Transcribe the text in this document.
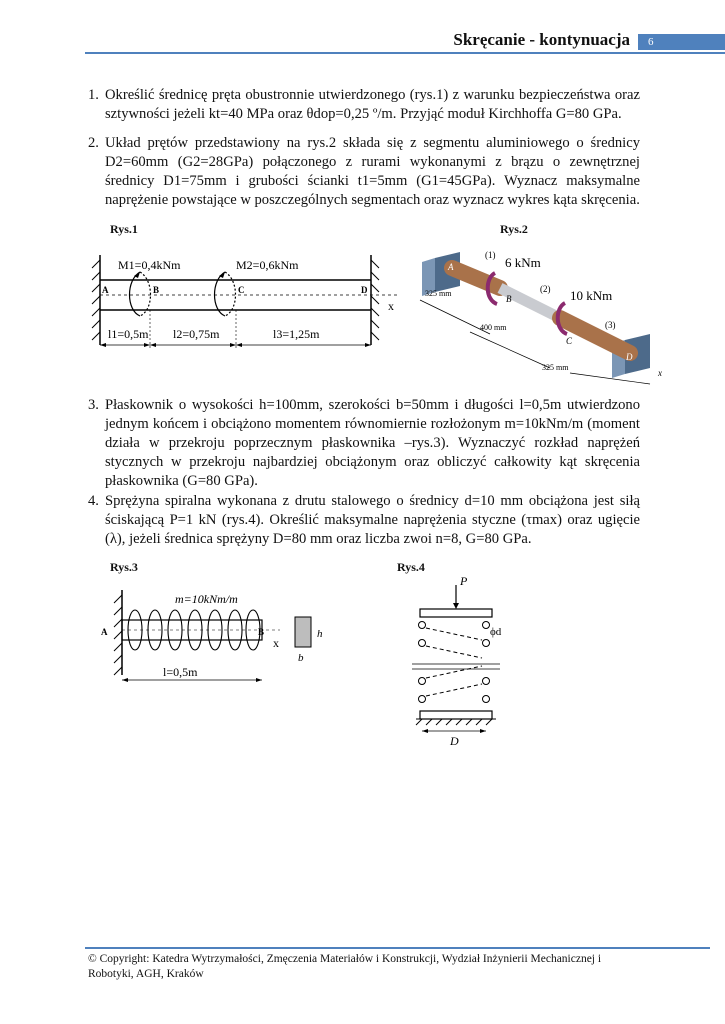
Skręcanie - kontynuacja	6
1. Określić średnicę pręta obustronnie utwierdzonego (rys.1) z warunku bezpieczeństwa oraz sztywności jeżeli kt=40 MPa oraz θdop=0,25 º/m. Przyjąć moduł Kirchhoffa G=80 GPa.
2. Układ prętów przedstawiony na rys.2 składa się z segmentu aluminiowego o średnicy D2=60mm (G2=28GPa) połączonego z rurami wykonanymi z brązu o zewnętrznej średnicy D1=75mm i grubości ścianki t1=5mm (G1=45GPa). Wyznacz maksymalne naprężenie powstające w poszczególnych segmentach oraz wyznacz wykres kąta skręcenia.
Rys.1
M1=0,4kNm	M2=0,6kNm
A	B	C	D
x
l1=0,5m l2=0,75m	l3=1,25m
Rys.2
6 kNm
10 kNm
(1)
(2)
(3)
325 mm
400 mm
325 mm
A
B
C
D
x
3. Płaskownik o wysokości h=100mm, szerokości b=50mm i długości l=0,5m utwierdzono jednym końcem i obciążono momentem równomiernie rozłożonym m=10kNm/m (moment działa w przekroju poprzecznym płaskownika –rys.3). Wyznaczyć rozkład naprężeń stycznych w przekroju najbardziej obciążonym oraz obliczyć całkowity kąt skręcenia płaskownika (G=80 GPa).
4. Sprężyna spiralna wykonana z drutu stalowego o średnicy d=10 mm obciążona jest siłą ściskającą P=1 kN (rys.4). Określić maksymalne naprężenia styczne (τmax) oraz ugięcie (λ), jeżeli średnica sprężyny D=80 mm oraz liczba zwoi n=8, G=80 GPa.
Rys.3
m=10kNm/m
A	B
x
l=0,5m
h
b
Rys.4
P
ϕd
D
© Copyright: Katedra Wytrzymałości, Zmęczenia Materiałów i Konstrukcji, Wydział Inżynierii Mechanicznej i Robotyki, AGH, Kraków
